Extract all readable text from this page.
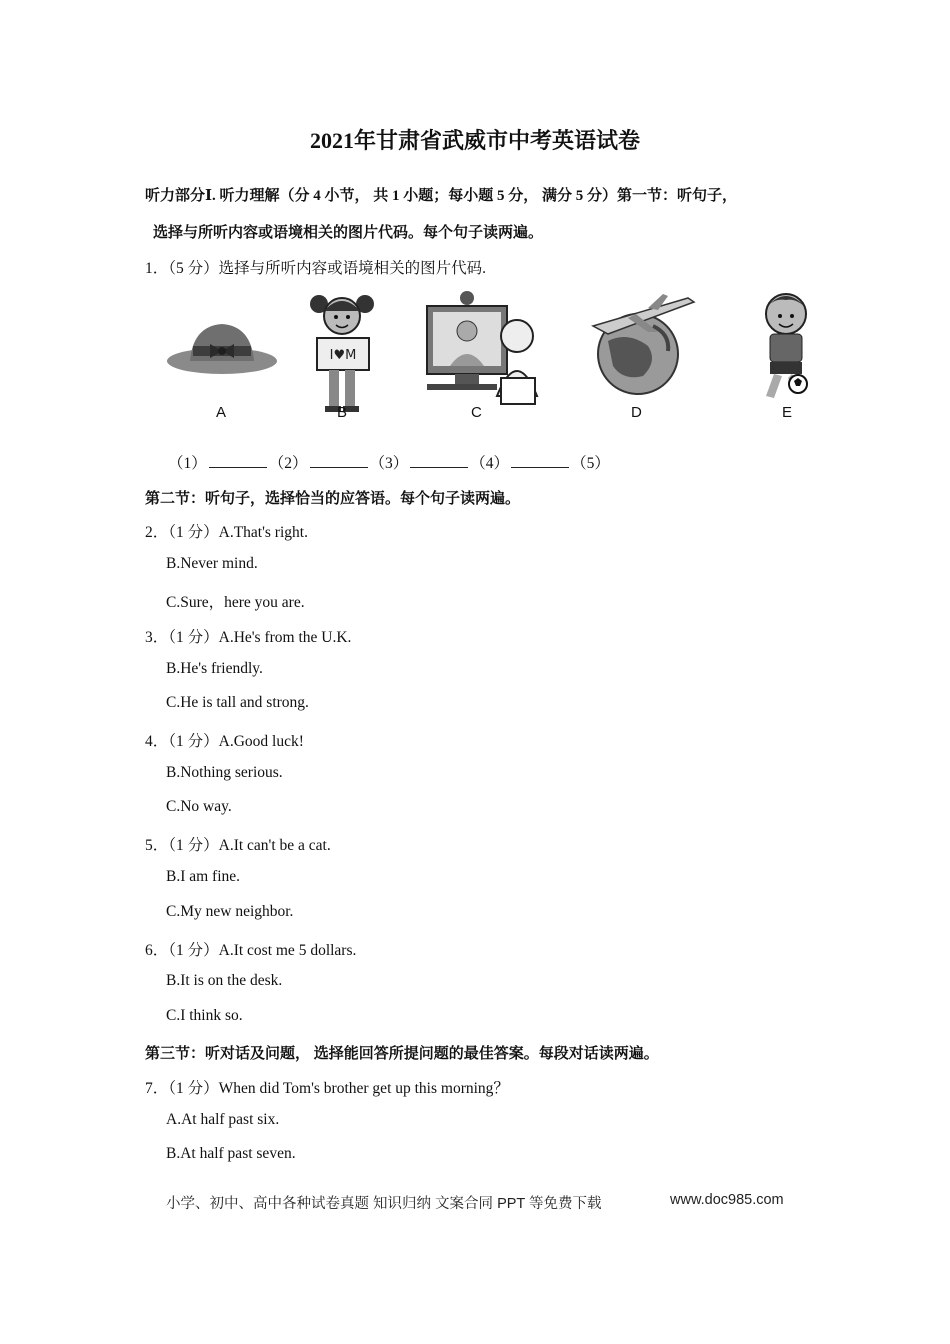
2021年甘肃省武威市中考英语试卷
听力部分Ⅰ. 听力理解（分 4 小节， 共 1 小题；每小题 5 分， 满分 5 分）第一节：听句子，
选择与所听内容或语境相关的图片代码。每个句子读两遍。
1．（5 分）选择与所听内容或语境相关的图片代码.
I♥M
A	B	C	D	E
（1）	（2）	（3）	（4）	（5）
第二节：听句子，选择恰当的应答语。每个句子读两遍。
2．（1 分）A.That's right.
B.Never mind.
C.Sure，here you are.
3．（1 分）A.He's from the U.K.
B.He's friendly.
C.He is tall and strong.
4．（1 分）A.Good luck!
B.Nothing serious.
C.No way.
5．（1 分）A.It can't be a cat.
B.I am fine.
C.My new neighbor.
6．（1 分）A.It cost me 5 dollars.
B.It is on the desk.
C.I think so.
第三节：听对话及问题， 选择能回答所提问题的最佳答案。每段对话读两遍。
7．（1 分）When did Tom's brother get up this morning？
A.At half past six.
B.At half past seven.
小学、初中、高中各种试卷真题 知识归纳 文案合同 PPT 等免费下载	www.doc985.com
